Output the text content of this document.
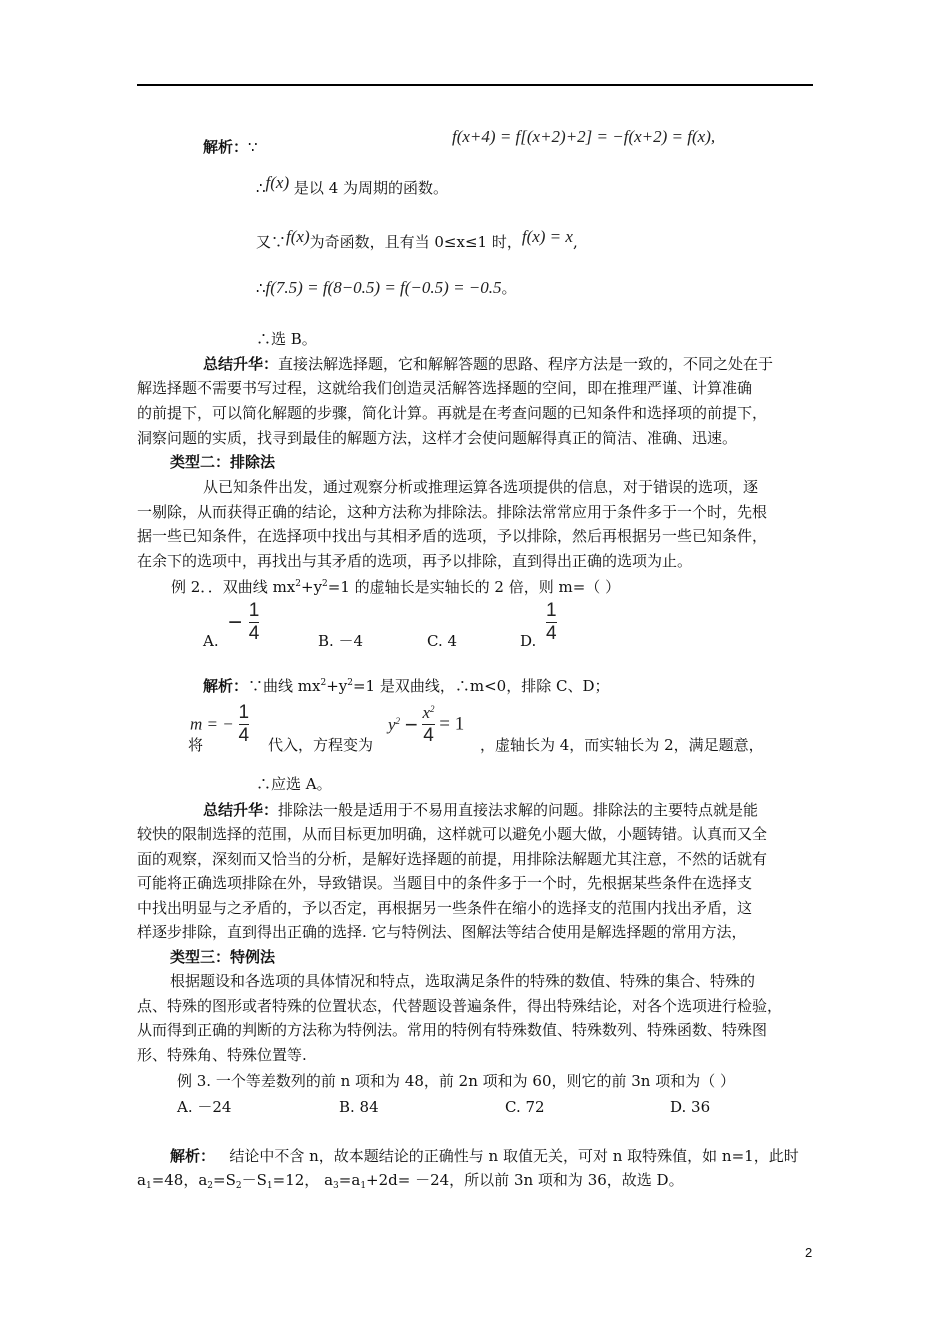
解析：∵
f(x+4) = f[(x+2)+2] = −f(x+2) = f(x),
∴f(x) 是以 4 为周期的函数。
又∵f(x)为奇函数，且有当 0≤x≤1 时，f(x) = x,
∴f(7.5) = f(8−0.5) = f(−0.5) = −0.5。
∴选 B。
总结升华：直接法解选择题，它和解解答题的思路、程序方法是一致的，不同之处在于
解选择题不需要书写过程，这就给我们创造灵活解答选择题的空间，即在推理严谨、计算准确
的前提下，可以简化解题的步骤，简化计算。再就是在考查问题的已知条件和选择项的前提下，
洞察问题的实质，找寻到最佳的解题方法，这样才会使问题解得真正的简洁、准确、迅速。
类型二：排除法
从已知条件出发，通过观察分析或推理运算各选项提供的信息，对于错误的选项，逐
一剔除，从而获得正确的结论，这种方法称为排除法。排除法常常应用于条件多于一个时，先根
据一些已知条件，在选择项中找出与其相矛盾的选项，予以排除，然后再根据另一些已知条件，
在余下的选项中，再找出与其矛盾的选项，再予以排除，直到得出正确的选项为止。
例 2．．双曲线 $mx^2+y^2=1$ 的虚轴长是实轴长的 2 倍，则 m=（ ）
A.
− $\frac{1}{4}$	B. －4	C. 4	D. $\frac{1}{4}$
解析：∵曲线 $mx^2+y^2=1$ 是双曲线，∴m<0，排除 C、D；
将
m = − $\frac{1}{4}$ 代入，方程变为
$y^2 - \frac{x^2}{4} = 1$
，虚轴长为 4，而实轴长为 2，满足题意，
∴应选 A。
总结升华：排除法一般是适用于不易用直接法求解的问题。排除法的主要特点就是能
较快的限制选择的范围，从而目标更加明确，这样就可以避免小题大做，小题铸错。认真而又全
面的观察，深刻而又恰当的分析，是解好选择题的前提，用排除法解题尤其注意，不然的话就有
可能将正确选项排除在外，导致错误。当题目中的条件多于一个时，先根据某些条件在选择支
中找出明显与之矛盾的，予以否定，再根据另一些条件在缩小的选择支的范围内找出矛盾，这
样逐步排除，直到得出正确的选择. 它与特例法、图解法等结合使用是解选择题的常用方法，
类型三：特例法
根据题设和各选项的具体情况和特点，选取满足条件的特殊的数值、特殊的集合、特殊的
点、特殊的图形或者特殊的位置状态，代替题设普遍条件，得出特殊结论，对各个选项进行检验，
从而得到正确的判断的方法称为特例法。常用的特例有特殊数值、特殊数列、特殊函数、特殊图
形、特殊角、特殊位置等.
例 3. 一个等差数列的前 n 项和为 48，前 2n 项和为 60，则它的前 3n 项和为（ ）
A. －24	B. 84	C. 72	D. 36
解析： 结论中不含 n，故本题结论的正确性与 n 取值无关，可对 n 取特殊值，如 n=1，此时
$a_1=48$，$a_2=S_2-S_1=12$， $a_3=a_1+2d= -24$，所以前 3n 项和为 36，故选 D。
2
